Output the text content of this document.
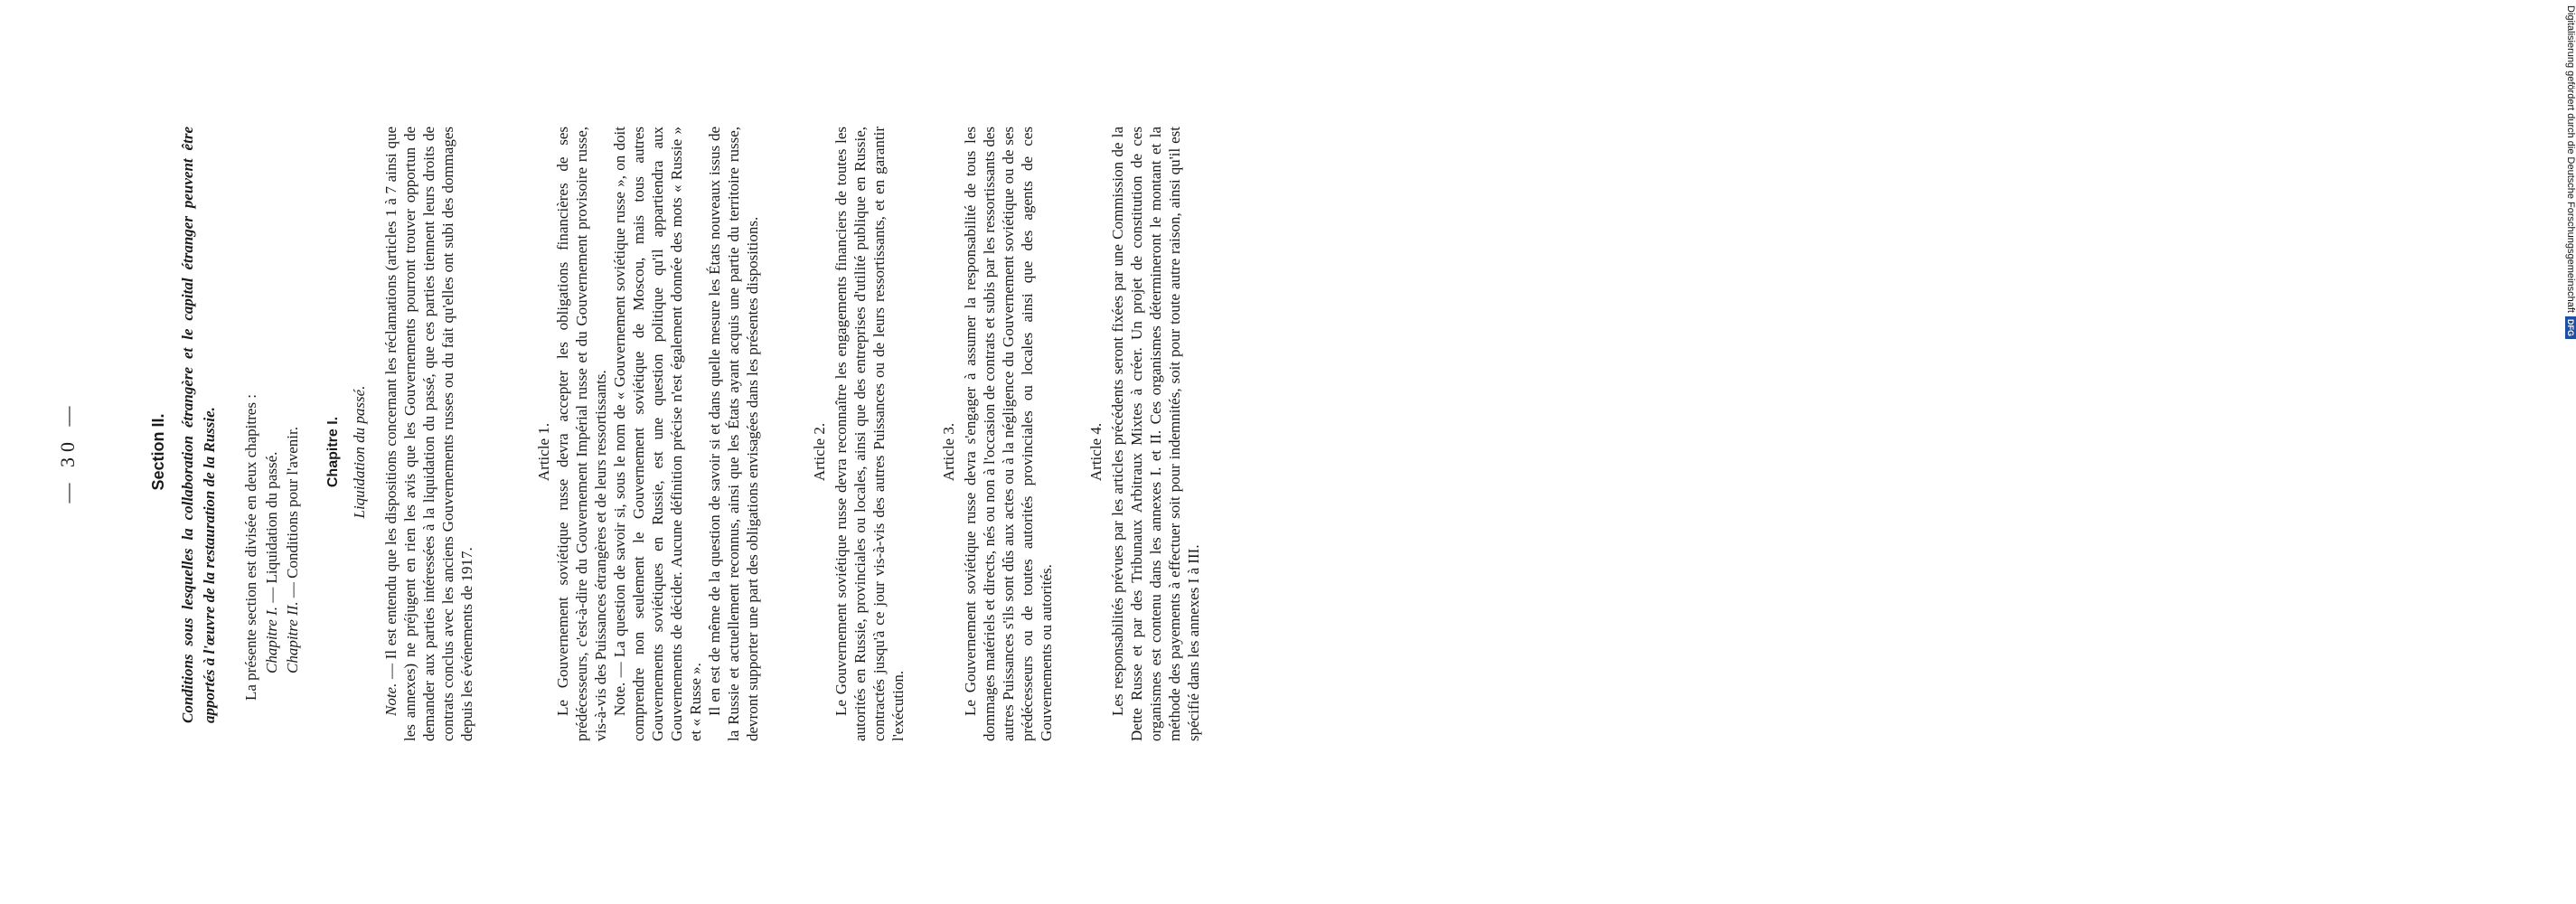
— 30 —	Section II. Conditions sous lesquelles la collaboration étrangère et le capital étranger peuvent être apportés à l'œuvre de la restauration de la Russie. La présente section est divisée en deux chapitres : Chapitre I. — Liquidation du passé.

Chapitre II. — Conditions pour l'avenir. Chapitre I. Liquidation du passé.

Note. — Il est entendu que les dispositions concernant les réclamations (articles 1 à 7 ainsi que les annexes) ne préjugent en rien les avis que les Gouvernements pourront trouver opportun de demander aux parties intéressées à la liquidation du passé, que ces parties tiennent leurs droits de contrats conclus avec les anciens Gouvernements russes ou du fait qu'elles ont subi des dommages depuis les événements de 1917.

Article 1. Le Gouvernement soviétique russe devra accepter les obligations financières de ses prédécesseurs, c'est-à-dire du Gouvernement Impérial russe et du Gouvernement provisoire russe, vis-à-vis des Puissances étrangères et de leurs ressortissants. Note. — La question de savoir si, sous le nom de « Gouvernement soviétique russe », on doit comprendre non seulement le Gouvernement soviétique de Moscou, mais tous autres Gouvernements soviétiques en Russie, est une question politique qu'il appartiendra aux Gouvernements de décider. Aucune définition précise n'est également donnée des mots « Russie » et « Russe ». Il en est de même de la question de savoir si et dans quelle mesure les États nouveaux issus de la Russie et actuellement reconnus, ainsi que les États ayant acquis une partie du territoire russe, devront supporter une part des obligations envisagées dans les présentes dispositions.	Article 2. Le Gouvernement soviétique russe devra reconnaître les engagements financiers de toutes les autorités en Russie, provinciales ou locales, ainsi que des entreprises d'utilité publique en Russie, contractés jusqu'à ce jour vis-à-vis des autres Puissances ou de leurs ressortissants, et en garantir l'exécution.

Article 3. Le Gouvernement soviétique russe devra s'engager à assumer la responsabilité de tous les dommages matériels et directs, nés ou non à l'occasion de contrats et subis par les ressortissants des autres Puissances s'ils sont dûs aux actes ou à la négligence du Gouvernement soviétique ou de ses prédécesseurs ou de toutes autorités provinciales ou locales ainsi que des agents de ces Gouvernements ou autorités.

Article 4. Les responsabilités prévues par les articles précédents seront fixées par une Commission de la Dette Russe et par des Tribunaux Arbitraux Mixtes à créer. Un projet de constitution de ces organismes est contenu dans les annexes I. et II. Ces organismes détermineront le montant et la méthode des payements à effectuer soit pour indemnités, soit pour toute autre raison, ainsi qu'il est spécifié dans les annexes I à III.

Digitalisierung gefördert durch die Deutsche ForschungsgemeinschaftDFG
